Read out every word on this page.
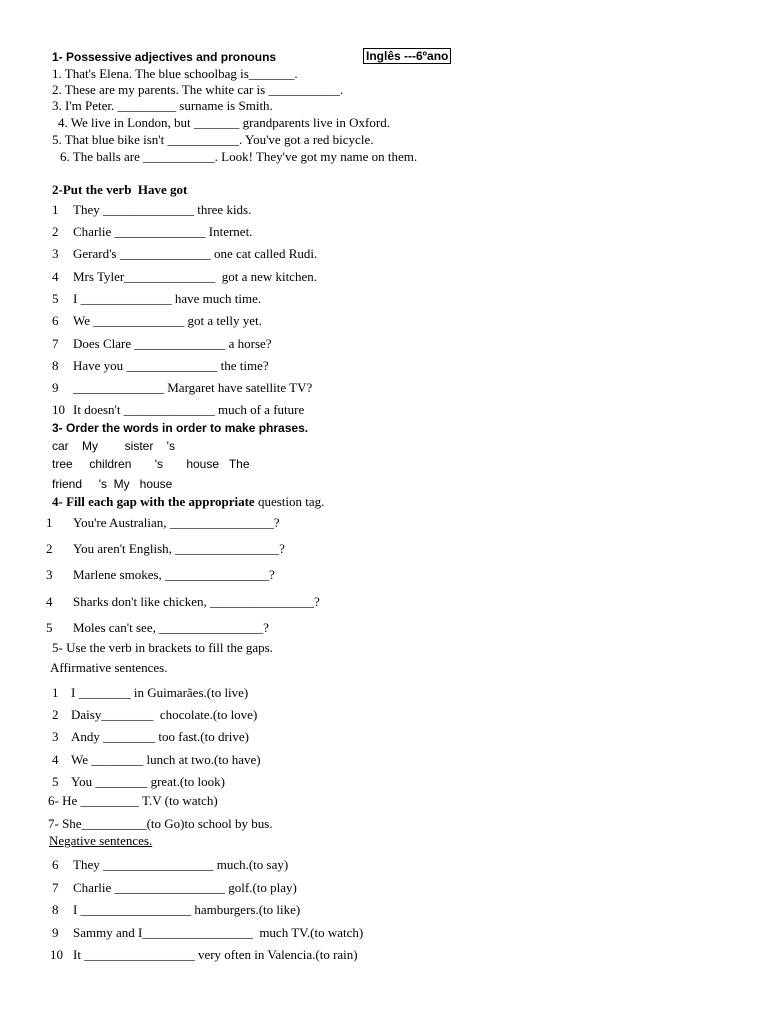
1- Possessive adjectives and pronouns	Inglês ---6ºano
1. That's Elena. The blue schoolbag is_______.
2. These are my parents. The white car is ___________.
3. I'm Peter. _________ surname is Smith.
4. We live in London, but _______ grandparents live in Oxford.
5. That blue bike isn't ___________. You've got a red bicycle.
6. The balls are ___________. Look! They've got my name on them.
2-Put the verb  Have got
1 They ______________ three kids.
2 Charlie ______________ Internet.
3 Gerard's ______________ one cat called Rudi.
4 Mrs Tyler______________  got a new kitchen.
5 I ______________ have much time.
6 We ______________ got a telly yet.
7 Does Clare ______________ a horse?
8 Have you ______________ the time?
9 ______________ Margaret have satellite TV?
10 It doesn't ______________ much of a future
3- Order the words in order to make phrases.
car    My        sister    's
tree     children       's       house   The
friend     's  My   house
4- Fill each gap with the appropriate question tag.
1 You're Australian, ________________?
2 You aren't English, ________________?
3 Marlene smokes, ________________?
4 Sharks don't like chicken, ________________?
5 Moles can't see, ________________?
5- Use the verb in brackets to fill the gaps.
Affirmative sentences.
1 I ________ in Guimarães.(to live)
2 Daisy________  chocolate.(to love)
3 Andy ________ too fast.(to drive)
4 We ________ lunch at two.(to have)
5 You ________ great.(to look)
6- He _________ T.V (to watch)
7- She__________(to Go)to school by bus.
Negative sentences.
6 They _________________ much.(to say)
7 Charlie _________________ golf.(to play)
8 I _________________ hamburgers.(to like)
9 Sammy and I_________________  much TV.(to watch)
10 It _________________ very often in Valencia.(to rain)
